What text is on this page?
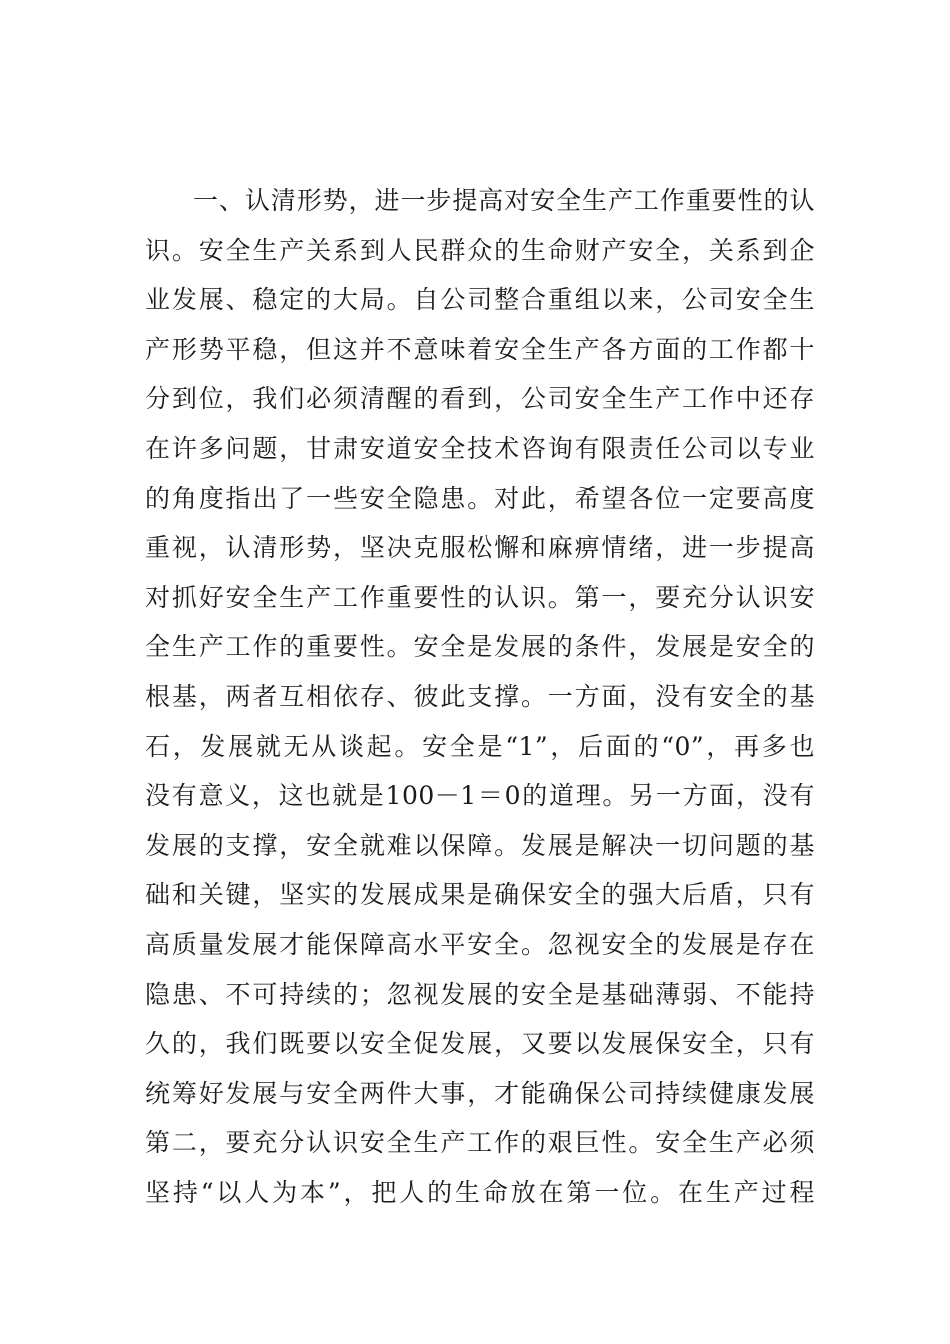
一、认清形势，进一步提高对安全生产工作重要性的认
识。安全生产关系到人民群众的生命财产安全，关系到企
业发展、稳定的大局。自公司整合重组以来，公司安全生
产形势平稳，但这并不意味着安全生产各方面的工作都十
分到位，我们必须清醒的看到，公司安全生产工作中还存
在许多问题，甘肃安道安全技术咨询有限责任公司以专业
的角度指出了一些安全隐患。对此，希望各位一定要高度
重视，认清形势，坚决克服松懈和麻痹情绪，进一步提高
对抓好安全生产工作重要性的认识。第一，要充分认识安
全生产工作的重要性。安全是发展的条件，发展是安全的
根基，两者互相依存、彼此支撑。一方面，没有安全的基
石，发展就无从谈起。安全是“1”，后面的“0”，再多也
没有意义，这也就是100－1＝0的道理。另一方面，没有
发展的支撑，安全就难以保障。发展是解决一切问题的基
础和关键，坚实的发展成果是确保安全的强大后盾，只有
高质量发展才能保障高水平安全。忽视安全的发展是存在
隐患、不可持续的；忽视发展的安全是基础薄弱、不能持
久的，我们既要以安全促发展，又要以发展保安全，只有
统筹好发展与安全两件大事，才能确保公司持续健康发展
第二，要充分认识安全生产工作的艰巨性。安全生产必须
坚持“以人为本”，把人的生命放在第一位。在生产过程
